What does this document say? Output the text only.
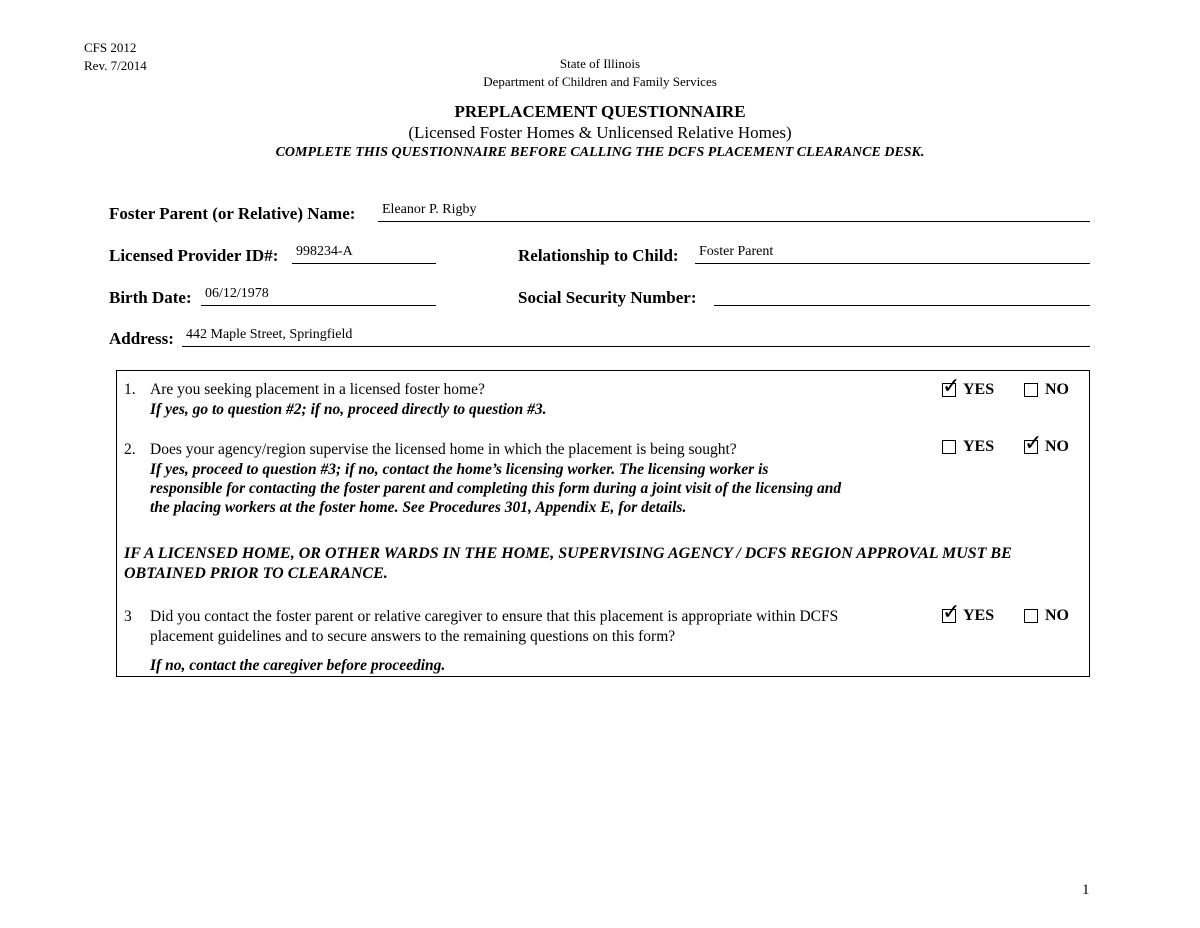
CFS 2012
Rev. 7/2014	State of Illinois
Department of Children and Family Services
PREPLACEMENT QUESTIONNAIRE
(Licensed Foster Homes & Unlicensed Relative Homes)
COMPLETE THIS QUESTIONNAIRE BEFORE CALLING THE DCFS PLACEMENT CLEARANCE DESK.
Foster Parent (or Relative) Name: Eleanor P. Rigby
Licensed Provider ID#: 998234-A	Relationship to Child: Foster Parent
Birth Date: 06/12/1978	Social Security Number:
Address: 442 Maple Street, Springfield
1. Are you seeking placement in a licensed foster home?
If yes, go to question #2; if no, proceed directly to question #3.
✓ YES	NO
2. Does your agency/region supervise the licensed home in which the placement is being sought?
If yes, proceed to question #3; if no, contact the home’s licensing worker. The licensing worker is
responsible for contacting the foster parent and completing this form during a joint visit of the licensing and
the placing workers at the foster home. See Procedures 301, Appendix E, for details.
YES ✓ NO
IF A LICENSED HOME, OR OTHER WARDS IN THE HOME, SUPERVISING AGENCY / DCFS REGION APPROVAL MUST BE
OBTAINED PRIOR TO CLEARANCE.
3 Did you contact the foster parent or relative caregiver to ensure that this placement is appropriate within DCFS
placement guidelines and to secure answers to the remaining questions on this form?
If no, contact the caregiver before proceeding.
✓ YES	NO
1
